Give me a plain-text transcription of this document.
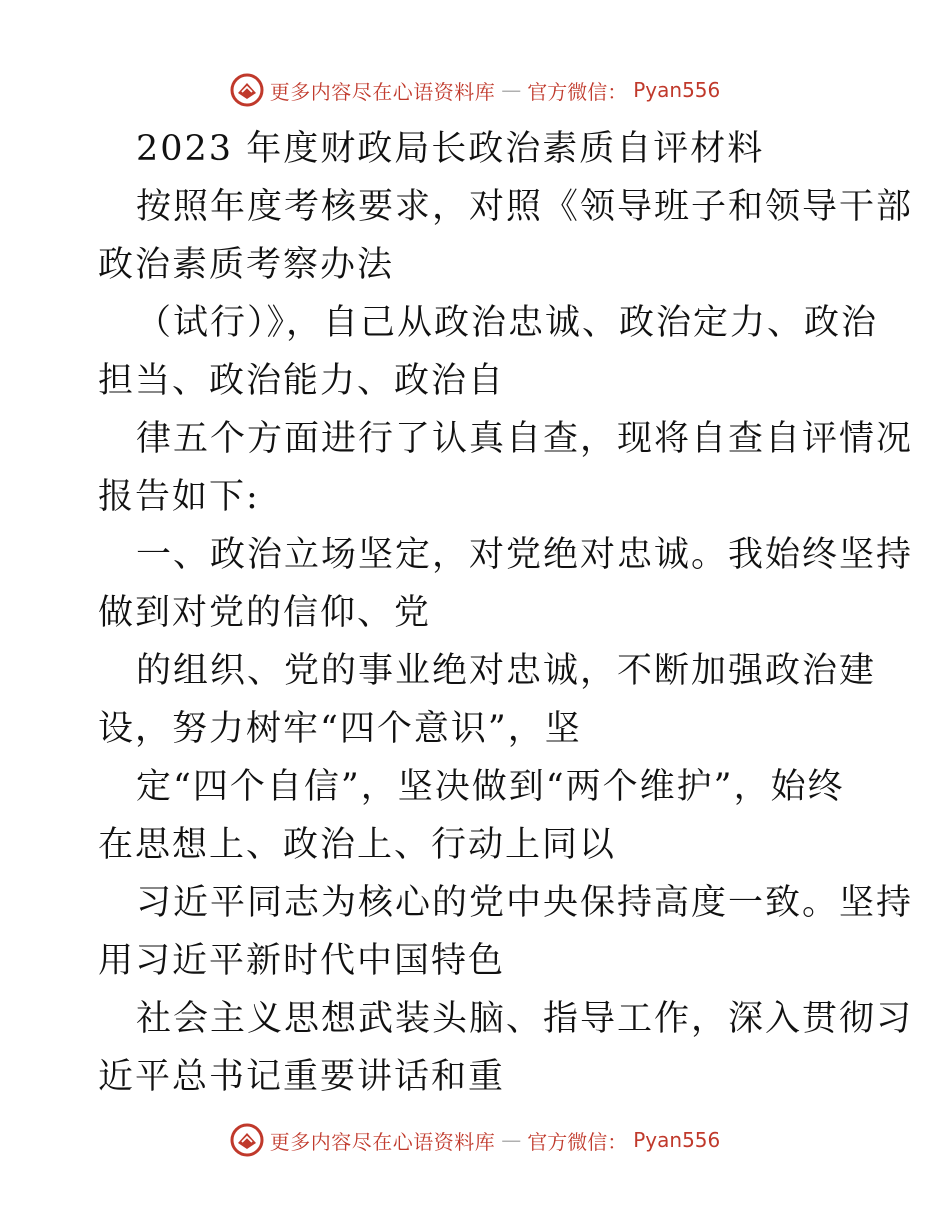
更多内容尽在心语资料库 — 官方微信： Pyan556
2023 年度财政局长政治素质自评材料
按照年度考核要求，对照《领导班子和领导干部
政治素质考察办法
（试行）》，自己从政治忠诚、政治定力、政治
担当、政治能力、政治自
律五个方面进行了认真自查，现将自查自评情况
报告如下:
一、政治立场坚定，对党绝对忠诚。我始终坚持
做到对党的信仰、党
的组织、党的事业绝对忠诚，不断加强政治建
设，努力树牢“四个意识”，坚
定“四个自信”，坚决做到“两个维护”，始终
在思想上、政治上、行动上同以
习近平同志为核心的党中央保持高度一致。坚持
用习近平新时代中国特色
社会主义思想武装头脑、指导工作，深入贯彻习
近平总书记重要讲话和重
更多内容尽在心语资料库 — 官方微信： Pyan556
